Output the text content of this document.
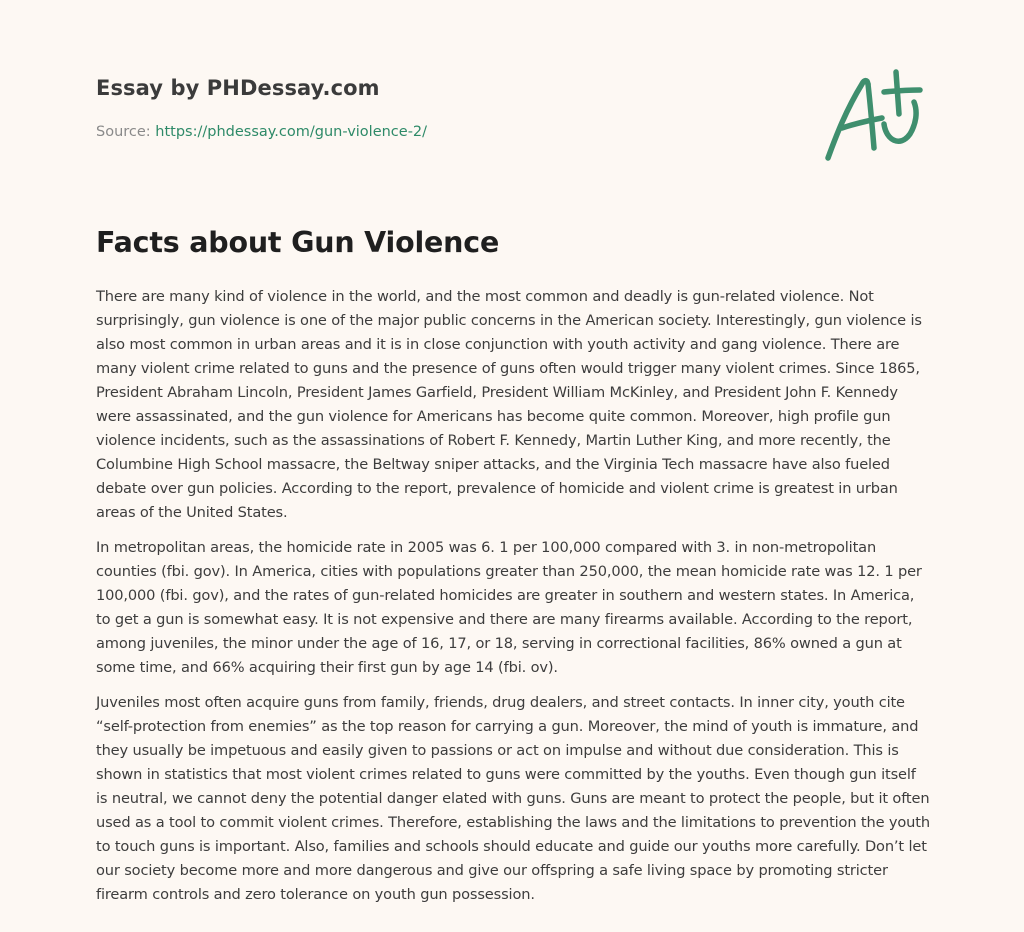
Essay by PHDessay.com
Source: https://phdessay.com/gun-violence-2/
Facts about Gun Violence

There are many kind of violence in the world, and the most common and deadly is gun-related violence. Not surprisingly, gun violence is one of the major public concerns in the American society. Interestingly, gun violence is also most common in urban areas and it is in close conjunction with youth activity and gang violence. There are many violent crime related to guns and the presence of guns often would trigger many violent crimes. Since 1865, President Abraham Lincoln, President James Garfield, President William McKinley, and President John F. Kennedy were assassinated, and the gun violence for Americans has become quite common. Moreover, high profile gun violence incidents, such as the assassinations of Robert F. Kennedy, Martin Luther King, and more recently, the Columbine High School massacre, the Beltway sniper attacks, and the Virginia Tech massacre have also fueled debate over gun policies. According to the report, prevalence of homicide and violent crime is greatest in urban areas of the United States.

In metropolitan areas, the homicide rate in 2005 was 6. 1 per 100,000 compared with 3. in non-metropolitan counties (fbi. gov). In America, cities with populations greater than 250,000, the mean homicide rate was 12. 1 per 100,000 (fbi. gov), and the rates of gun-related homicides are greater in southern and western states. In America, to get a gun is somewhat easy. It is not expensive and there are many firearms available. According to the report, among juveniles, the minor under the age of 16, 17, or 18, serving in correctional facilities, 86% owned a gun at some time, and 66% acquiring their first gun by age 14 (fbi. ov).

Juveniles most often acquire guns from family, friends, drug dealers, and street contacts. In inner city, youth cite “self-protection from enemies” as the top reason for carrying a gun. Moreover, the mind of youth is immature, and they usually be impetuous and easily given to passions or act on impulse and without due consideration. This is shown in statistics that most violent crimes related to guns were committed by the youths. Even though gun itself is neutral, we cannot deny the potential danger elated with guns. Guns are meant to protect the people, but it often used as a tool to commit violent crimes. Therefore, establishing the laws and the limitations to prevention the youth to touch guns is important. Also, families and schools should educate and guide our youths more carefully. Don’t let our society become more and more dangerous and give our offspring a safe living space by promoting stricter firearm controls and zero tolerance on youth gun possession.
